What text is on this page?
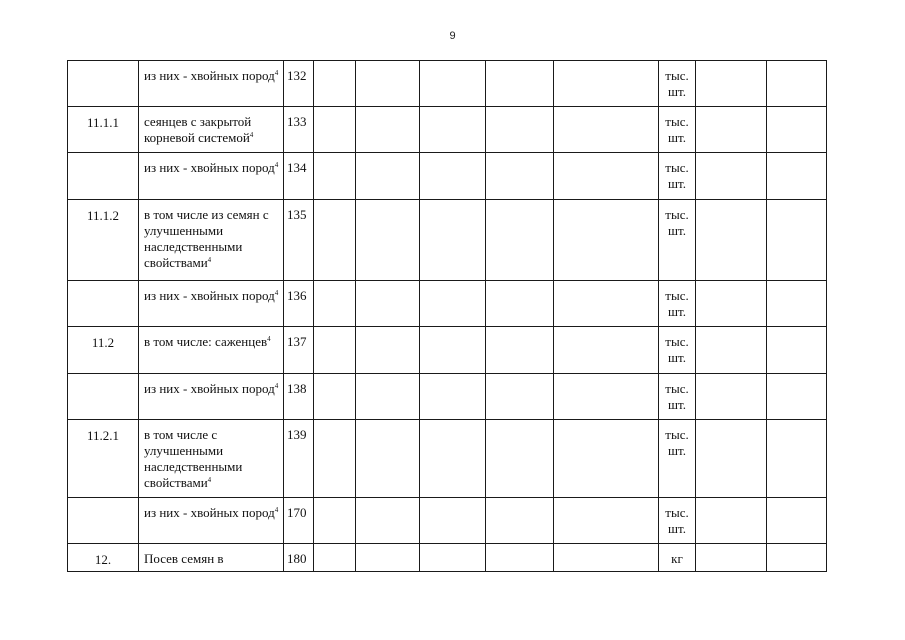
9
	из них - хвойных пород$^4$	132						тыс.
шт.		

11.1.1	сеянцев с закрытой корневой системой$^4$	133						тыс.
шт.		

	из них - хвойных пород$^4$	134						тыс.
шт.		

11.1.2	в том числе из семян с улучшенными наследственными свойствами$^4$	135						тыс.
шт.		

	из них - хвойных пород$^4$	136						тыс.
шт.		

11.2	в том числе: саженцев$^4$	137						тыс.
шт.		

	из них - хвойных пород$^4$	138						тыс.
шт.		

11.2.1	в том числе с улучшенными наследственными свойствами$^4$	139						тыс.
шт.		

	из них - хвойных пород$^4$	170						тыс.
шт.		

12.	Посев семян в	180						кг		
